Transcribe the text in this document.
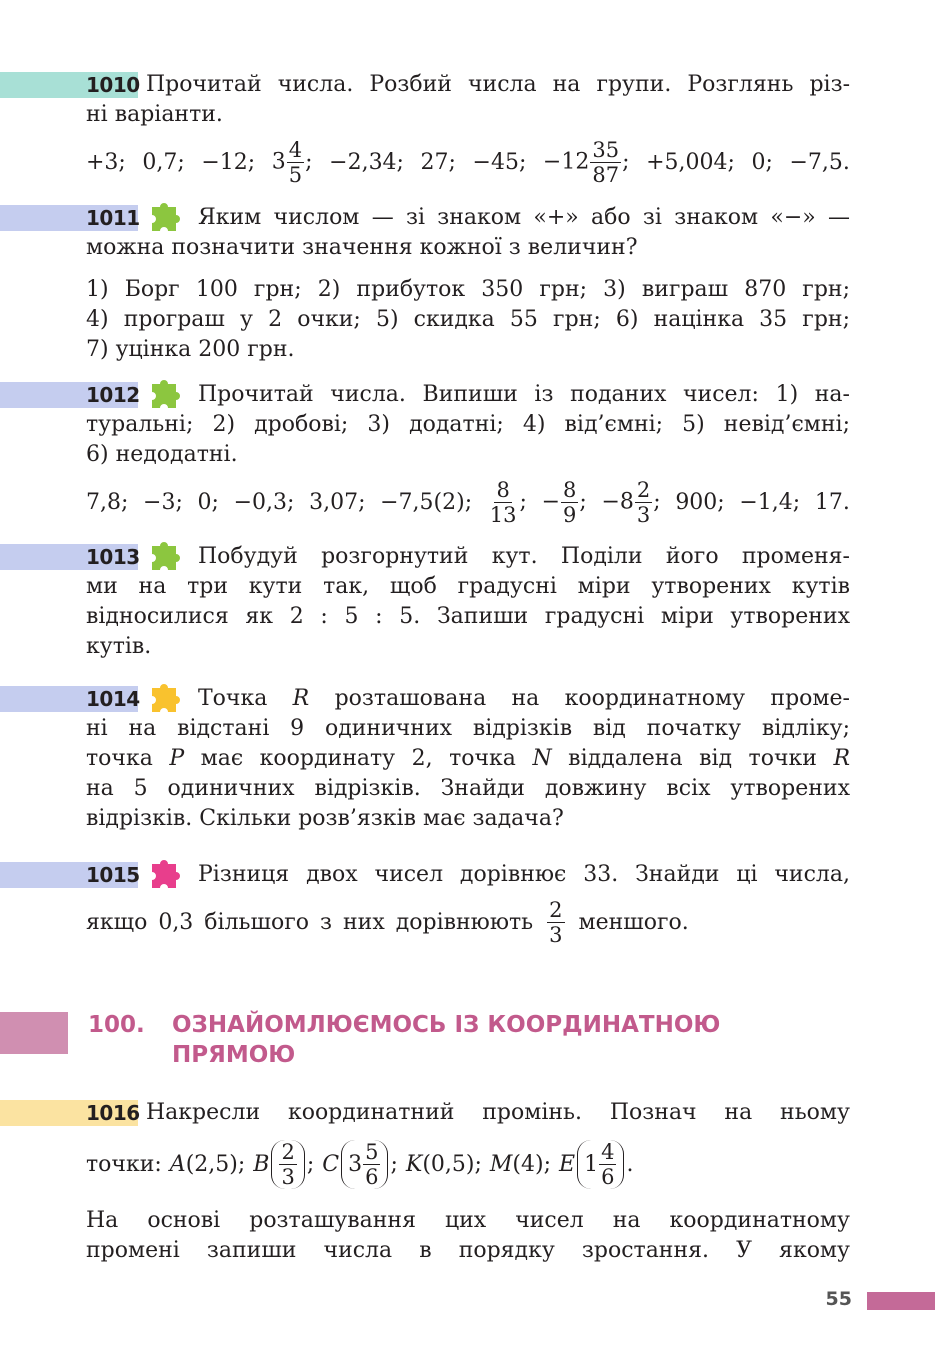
1010 Прочитай числа. Розбий числа на групи. Розглянь різ-
ні варіанти.
+3; 0,7; −12; $3 \frac{4}{5}$ ; −2,34; 27; −45; $-12 \frac{35}{87}$ ; +5,004; 0; −7,5.
1011	Яким числом — зі знаком «+» або зі знаком «−» —
можна позначити значення кожної з величин?
1) Борг 100 грн; 2) прибуток 350 грн; 3) виграш 870 грн;
4) програш у 2 очки; 5) скидка 55 грн; 6) націнка 35 грн;
7) уцінка 200 грн.
1012	Прочитай числа. Випиши із поданих чисел: 1) на-
туральні; 2) дробові; 3) додатні; 4) від’ємні; 5) невід’ємні;
6) недодатні.
7,8; −3; 0; −0,3; 3,07; −7,5(2); $\frac{8}{13}$ ; − $\frac{8}{9}$ ; $-8 \frac{2}{3}$ ; 900; −1,4; 17.
1013	Побудуй розгорнутий кут. Поділи його променя-
ми на три кути так, щоб градусні міри утворених кутів
відносилися як 2 : 5 : 5. Запиши градусні міри утворених
кутів.
1014	Точка R розташована на координатному проме-
ні на відстані 9 одиничних відрізків від початку відліку;
точка P має координату 2, точка N віддалена від точки R
на 5 одиничних відрізків. Знайди довжину всіх утворених
відрізків. Скільки розв’язків має задача?
1015	Різниця двох чисел дорівнює 33. Знайди ці числа,
якщо 0,3 більшого з них дорівнюють $\frac{2}{3}$ меншого.
100. ОЗНАЙОМЛЮЄМОСЬ ІЗ КООРДИНАТНОЮ
ПРЯМОЮ
1016 Накресли координатний промінь. Познач на ньому
точки: A (2,5); B $\frac{2}{3}$ ; C $3 \frac{5}{6}$ ; K (0,5); M (4); E $1 \frac{4}{6}$ .
На основі розташування цих чисел на координатному
промені запиши числа в порядку зростання. У якому
55
